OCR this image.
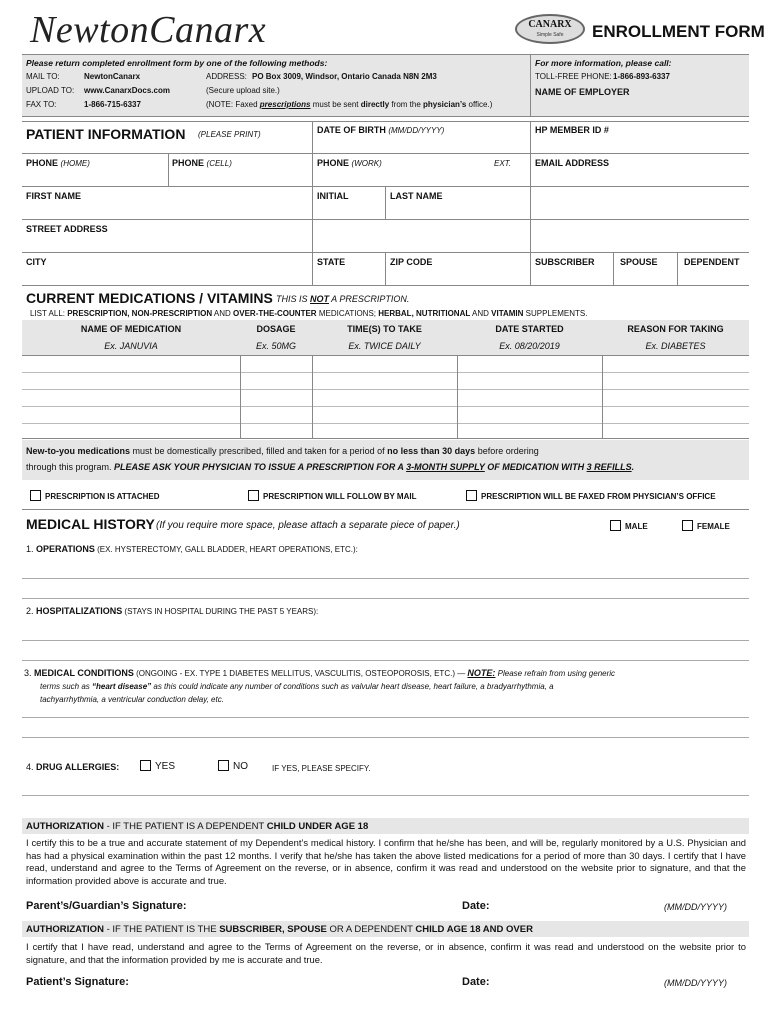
NewtonCanarx	CANARX
Simple Safe	ENROLLMENT FORM
Please return completed enrollment form by one of the following methods:
MAIL TO:	NewtonCanarx	ADDRESS: PO Box 3009, Windsor, Ontario Canada N8N 2M3
UPLOAD TO: www.CanarxDocs.com	(Secure upload site.)
FAX TO:	1-866-715-6337	(NOTE: Faxed prescriptions must be sent directly from the physician’s office.)
For more information, please call:
TOLL-FREE PHONE: 1-866-893-6337
NAME OF EMPLOYER
PATIENT INFORMATION (PLEASE PRINT)	DATE OF BIRTH (MM/DD/YYYY)	HP MEMBER ID #
PHONE (HOME)	PHONE (CELL)	PHONE (WORK)	EXT.	EMAIL ADDRESS
FIRST NAME	INITIAL	LAST NAME
STREET ADDRESS
CITY	STATE	ZIP CODE	SUBSCRIBER	SPOUSE	DEPENDENT
CURRENT MEDICATIONS / VITAMINS THIS IS NOT A PRESCRIPTION.
LIST ALL: PRESCRIPTION, NON-PRESCRIPTION AND OVER-THE-COUNTER MEDICATIONS; HERBAL, NUTRITIONAL AND VITAMIN SUPPLEMENTS.
NAME OF MEDICATION	DOSAGE	TIME(S) TO TAKE	DATE STARTED	REASON FOR TAKING
Ex. JANUVIA	Ex. 50MG	Ex. TWICE DAILY	Ex. 08/20/2019	Ex. DIABETES
New-to-you medications must be domestically prescribed, filled and taken for a period of no less than 30 days before ordering
through this program. PLEASE ASK YOUR PHYSICIAN TO ISSUE A PRESCRIPTION FOR A 3-MONTH SUPPLY OF MEDICATION WITH 3 REFILLS.
PRESCRIPTION IS ATTACHED	PRESCRIPTION WILL FOLLOW BY MAIL	PRESCRIPTION WILL BE FAXED FROM PHYSICIAN’S OFFICE
MEDICAL HISTORY (If you require more space, please attach a separate piece of paper.)	MALE	FEMALE
1. OPERATIONS (EX. HYSTERECTOMY, GALL BLADDER, HEART OPERATIONS, ETC.):
2. HOSPITALIZATIONS (STAYS IN HOSPITAL DURING THE PAST 5 YEARS):
3. MEDICAL CONDITIONS (ONGOING - EX. TYPE 1 DIABETES MELLITUS, VASCULITIS, OSTEOPOROSIS, ETC.) — NOTE: Please refrain from using generic
terms such as “heart disease” as this could indicate any number of conditions such as valvular heart disease, heart failure, a bradyarrhythmia, a
tachyarrhythmia, a ventricular conduction delay, etc.
4. DRUG ALLERGIES:	YES	NO	IF YES, PLEASE SPECIFY.
AUTHORIZATION - IF THE PATIENT IS A DEPENDENT CHILD UNDER AGE 18
I certify this to be a true and accurate statement of my Dependent’s medical history. I confirm that he/she has been, and will be, regularly monitored by a U.S. Physician and has had a physical examination within the past 12 months. I verify that he/she has taken the above listed medications for a period of more than 30 days. I certify that I have read, understand and agree to the Terms of Agreement on the reverse, or in absence, confirm it was read and understood on the website prior to signature, and that the information provided above is accurate and true.
Parent’s/Guardian’s Signature:	Date:	(MM/DD/YYYY)
AUTHORIZATION - IF THE PATIENT IS THE SUBSCRIBER, SPOUSE OR A DEPENDENT CHILD AGE 18 AND OVER
I certify that I have read, understand and agree to the Terms of Agreement on the reverse, or in absence, confirm it was read and understood on the website prior to signature, and that the information provided by me is accurate and true.
Patient’s Signature:	Date:	(MM/DD/YYYY)
